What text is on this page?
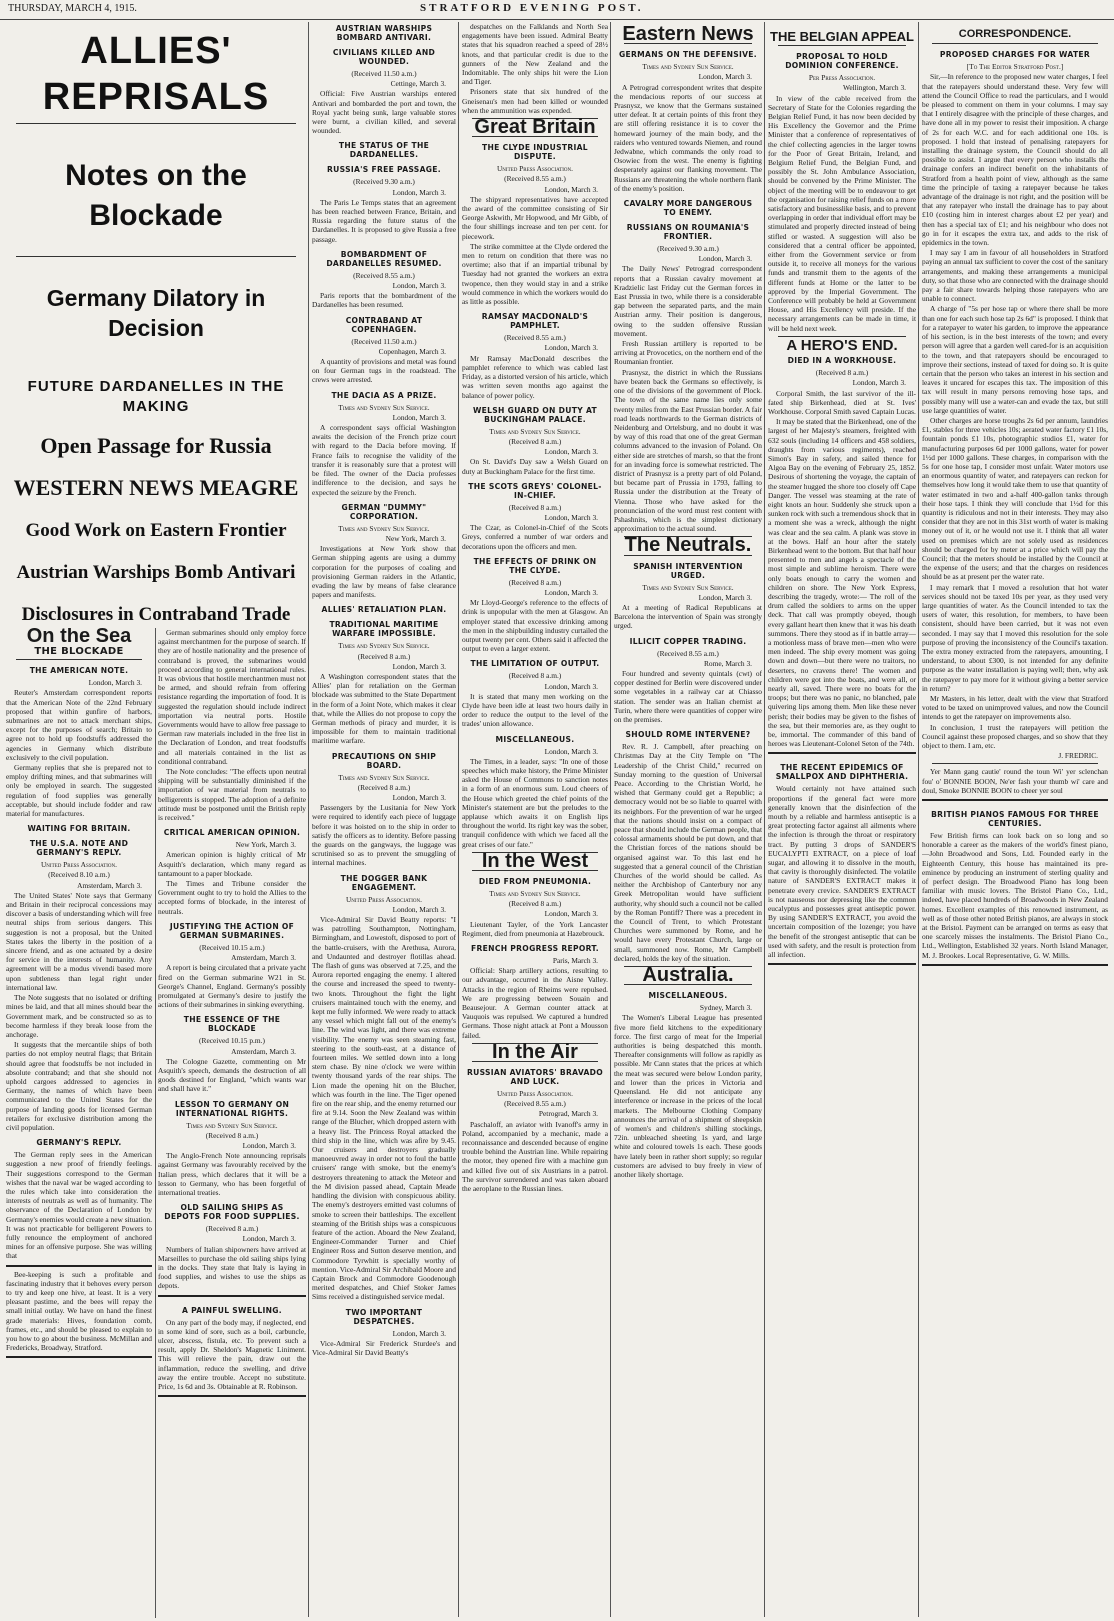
THURSDAY, MARCH 4, 1915.	STRATFORD EVENING POST.
ALLIES' REPRISALS
Notes on the Blockade
Germany Dilatory in Decision
FUTURE DARDANELLES IN THE MAKING
Open Passage for Russia
WESTERN NEWS MEAGRE
Good Work on Eastern Frontier
Austrian Warships Bomb Antivari
Disclosures in Contraband Trade
On the Sea
THE BLOCKADE
THE AMERICAN NOTE.

London, March 3.

Reuter's Amsterdam correspondent reports that the American Note of the 22nd February proposed that within gunfire of harbors, submarines are not to attack merchant ships, except for the purposes of search; Britain to agree not to hold up foodstuffs addressed the agencies in Germany which distribute exclusively to the civil population.

Germany replies that she is prepared not to employ drifting mines, and that submarines will only be employed in search. The suggested regulation of food supplies was generally acceptable, but should include fodder and raw material for manufactures.

WAITING FOR BRITAIN.
THE U.S.A. NOTE AND GERMANY'S REPLY.

United Press Association.

(Received 8.10 a.m.)

Amsterdam, March 3.

The United States' Note says that Germany and Britain in their reciprocal concessions may discover a basis of understanding which will free neutral ships from serious dangers. This suggestion is not a proposal, but the United States takes the liberty in the position of a sincere friend, and as one actuated by a desire for service in the interests of humanity. Any agreement will be a modus vivendi based more upon subtleness than legal right under international law.

The Note suggests that no isolated or drifting mines be laid, and that all mines should bear the Government mark, and be constructed so as to become harmless if they break loose from the anchorage.

It suggests that the mercantile ships of both parties do not employ neutral flags; that Britain should agree that foodstuffs be not included in absolute contraband; and that she should not uphold cargoes addressed to agencies in Germany, the names of which have been communicated to the United States for the purpose of landing goods for licensed German retailers for exclusive distribution among the civil population.

GERMANY'S REPLY.

The German reply sees in the American suggestion a new proof of friendly feelings. Their suggestions correspond to the German wishes that the naval war be waged according to the rules which take into consideration the interests of neutrals as well as of humanity. The observance of the Declaration of London by Germany's enemies would create a new situation. It was not practicable for belligerent Powers to fully renounce the employment of anchored mines for an offensive purpose. She was willing that

Bee-keeping is such a profitable and fascinating industry that it behoves every person to try and keep one hive, at least. It is a very pleasant pastime, and the bees will repay the small initial outlay. We have on hand the finest grade materials: Hives, foundation comb, frames, etc., and should be pleased to explain to you how to go about the business. McMillan and Fredericks, Broadway, Stratford.

German submarines should only employ force against merchantmen for the purpose of search. If they are of hostile nationality and the presence of contraband is proved, the submarines would proceed according to general international rules. It was obvious that hostile merchantmen must not be armed, and should refrain from offering resistance regarding the importation of food. It is suggested the regulation should include indirect importation via neutral ports. Hostile Governments would have to allow free passage to German raw materials included in the free list in the Declaration of London, and treat foodstuffs and all materials contained in the list as conditional contraband.

The Note concludes: "The effects upon neutral shipping will be substantially diminished if the importation of war material from neutrals to belligerents is stopped. The adoption of a definite attitude must be postponed until the British reply is received."

CRITICAL AMERICAN OPINION.

New York, March 3.

American opinion is highly critical of Mr Asquith's declaration, which many regard as tantamount to a paper blockade.

The Times and Tribune consider the Government ought to try to hold the Allies to the accepted forms of blockade, in the interest of neutrals.

JUSTIFYING THE ACTION OF GERMAN SUBMARINES.

(Received 10.15 a.m.)

Amsterdam, March 3.

A report is being circulated that a private yacht fired on the German submarine W21 in St. George's Channel, England. Germany's possibly promulgated at Germany's desire to justify the actions of their submarines in sinking everything.

THE ESSENCE OF THE BLOCKADE

(Received 10.15 p.m.)

Amsterdam, March 3.

The Cologne Gazette, commenting on Mr Asquith's speech, demands the destruction of all goods destined for England, "which wants war and shall have it."

LESSON TO GERMANY ON INTERNATIONAL RIGHTS.

Times and Sydney Sun Service.

(Received 8 a.m.)

London, March 3.

The Anglo-French Note announcing reprisals against Germany was favourably received by the Italian press, which declares that it will be a lesson to Germany, who has been forgetful of international treaties.

OLD SAILING SHIPS AS DEPOTS FOR FOOD SUPPLIES.

(Received 8 a.m.)

London, March 3.

Numbers of Italian shipowners have arrived at Marseilles to purchase the old sailing ships lying in the docks. They state that Italy is laying in food supplies, and wishes to use the ships as depots.

A PAINFUL SWELLING.

On any part of the body may, if neglected, end in some kind of sore, such as a boil, carbuncle, ulcer, abscess, fistula, etc. To prevent such a result, apply Dr. Sheldon's Magnetic Liniment. This will relieve the pain, draw out the inflammation, reduce the swelling, and drive away the entire trouble. Accept no substitute. Price, 1s 6d and 3s. Obtainable at R. Robinson.

AUSTRIAN WARSHIPS BOMBARD ANTIVARI.
CIVILIANS KILLED AND WOUNDED.

(Received 11.50 a.m.)

Cettinge, March 3.

Official: Five Austrian warships entered Antivari and bombarded the port and town, the Royal yacht being sunk, large valuable stores were burnt, a civilian killed, and several wounded.

THE STATUS OF THE DARDANELLES.
RUSSIA'S FREE PASSAGE.

(Received 9.30 a.m.)

London, March 3.

The Paris Le Temps states that an agreement has been reached between France, Britain, and Russia regarding the future status of the Dardanelles. It is proposed to give Russia a free passage.

BOMBARDMENT OF DARDANELLES RESUMED.

(Received 8.55 a.m.)

London, March 3.

Paris reports that the bombardment of the Dardanelles has been resumed.

CONTRABAND AT COPENHAGEN.

(Received 11.50 a.m.)

Copenhagen, March 3.

A quantity of provisions and metal was found on four German tugs in the roadstead. The crews were arrested.

THE DACIA AS A PRIZE.

Times and Sydney Sun Service.

London, March 3.

A correspondent says official Washington awaits the decision of the French prize court with regard to the Dacia before moving. If France fails to recognise the validity of the transfer it is reasonably sure that a protest will be filed. The owner of the Dacia professes indifference to the decision, and says he expected the seizure by the French.

GERMAN "DUMMY" CORPORATION.

Times and Sydney Sun Service.

New York, March 3.

Investigations at New York show that German shipping agents are using a dummy corporation for the purposes of coaling and provisioning German raiders in the Atlantic, evading the law by means of false clearance papers and manifests.

ALLIES' RETALIATION PLAN.
TRADITIONAL MARITIME WARFARE IMPOSSIBLE.

Times and Sydney Sun Service.

(Received 8 a.m.)

London, March 3.

A Washington correspondent states that the Allies' plan for retaliation on the German blockade was submitted to the State Department in the form of a Joint Note, which makes it clear that, while the Allies do not propose to copy the German methods of piracy and murder, it is impossible for them to maintain traditional maritime warfare.

PRECAUTIONS ON SHIP BOARD.

Times and Sydney Sun Service.

(Received 8 a.m.)

London, March 3.

Passengers by the Lusitania for New York were required to identify each piece of luggage before it was hoisted on to the ship in order to satisfy the officers as to identity. Before passing the guards on the gangways, the luggage was scrutinised so as to prevent the smuggling of internal machines.

THE DOGGER BANK ENGAGEMENT.

United Press Association.

London, March 3.

Vice-Admiral Sir David Beatty reports: "I was patrolling Southampton, Nottingham, Birmingham, and Lowestoft, disposed to port of the battle-cruisers, with the Arethusa, Aurora, and Undaunted and destroyer flotillas ahead. The flash of guns was observed at 7.25, and the Aurora reported engaging the enemy. I altered the course and increased the speed to twenty-two knots. Throughout the fight the light cruisers maintained touch with the enemy, and kept me fully informed. We were ready to attack any vessel which might fall out of the enemy's line. The wind was light, and there was extreme visibility. The enemy was seen steaming fast, steering to the south-east, at a distance of fourteen miles. We settled down into a long stern chase. By nine o'clock we were within twenty thousand yards of the rear ships. The Lion made the opening hit on the Blucher, which was fourth in the line. The Tiger opened fire on the rear ship, and the enemy returned our fire at 9.14. Soon the New Zealand was within range of the Blucher, which dropped astern with a heavy list. The Princess Royal attacked the third ship in the line, which was afire by 9.45. Our cruisers and destroyers gradually manoeuvred away in order not to foul the battle cruisers' range with smoke, but the enemy's destroyers threatening to attack the Meteor and the M division passed ahead, Captain Meade handling the division with conspicuous ability. The enemy's destroyers emitted vast columns of smoke to screen their battleships. The excellent steaming of the British ships was a conspicuous feature of the action. Aboard the New Zealand, Engineer-Commander Turner and Chief Engineer Ross and Sutton deserve mention, and Commodore Tyrwhitt is specially worthy of mention. Vice-Admiral Sir Archibald Moore and Captain Brock and Commodore Goodenough merited despatches, and Chief Stoker James Sims received a distinguished service medal.

TWO IMPORTANT DESPATCHES.

London, March 3.

Vice-Admiral Sir Frederick Sturdee's and Vice-Admiral Sir David Beatty's

despatches on the Falklands and North Sea engagements have been issued. Admiral Beatty states that his squadron reached a speed of 28½ knots, and that particular credit is due to the gunners of the New Zealand and the Indomitable. The only ships hit were the Lion and Tiger.

Prisoners state that six hundred of the Gneisenau's men had been killed or wounded when the ammunition was expended.

Great Britain
THE CLYDE INDUSTRIAL DISPUTE.

United Press Association.

(Received 8.55 a.m.)

London, March 3.

The shipyard representatives have accepted the award of the committee consisting of Sir George Askwith, Mr Hopwood, and Mr Gibb, of the four shillings increase and ten per cent. for piecework.

The strike committee at the Clyde ordered the men to return on condition that there was no overtime; also that if an impartial tribunal by Tuesday had not granted the workers an extra twopence, then they would stay in and a strike would commence in which the workers would do as little as possible.

RAMSAY MACDONALD'S PAMPHLET.

(Received 8.55 a.m.)

London, March 3.

Mr Ramsay MacDonald describes the pamphlet reference to which was cabled last Friday, as a distorted version of his article, which was written seven months ago against the balance of power policy.

WELSH GUARD ON DUTY AT BUCKINGHAM PALACE.

Times and Sydney Sun Service.

(Received 8 a.m.)

London, March 3.

On St. David's Day saw a Welsh Guard on duty at Buckingham Palace for the first time.

THE SCOTS GREYS' COLONEL-IN-CHIEF.

(Received 8 a.m.)

London, March 3.

The Czar, as Colonel-in-Chief of the Scots Greys, conferred a number of war orders and decorations upon the officers and men.

THE EFFECTS OF DRINK ON THE CLYDE.

(Received 8 a.m.)

London, March 3.

Mr Lloyd-George's reference to the effects of drink is unpopular with the men at Glasgow. An employer stated that excessive drinking among the men in the shipbuilding industry curtailed the output twenty per cent. Others said it affected the output to even a larger extent.

THE LIMITATION OF OUTPUT.

(Received 8 a.m.)

London, March 3.

It is stated that many men working on the Clyde have been idle at least two hours daily in order to reduce the output to the level of the trades' union allowance.

MISCELLANEOUS.

London, March 3.

The Times, in a leader, says: "In one of those speeches which make history, the Prime Minister asked the House of Commons to sanction notes in a form of an enormous sum. Loud cheers of the House which greeted the chief points of the Minister's statement are but the preludes to the applause which awaits it on English lips throughout the world. Its right key was the sober, tranquil confidence with which we faced all the great crises of our fate."

In the West
DIED FROM PNEUMONIA.

Times and Sydney Sun Service.

(Received 8 a.m.)

London, March 3.

Lieutenant Tayler, of the York Lancaster Regiment, died from pneumonia at Hazebrouck.

FRENCH PROGRESS REPORT.

Paris, March 3.

Official: Sharp artillery actions, resulting to our advantage, occurred in the Aisne Valley. Attacks in the region of Rheims were repulsed. We are progressing between Souain and Beausejour. A German counter attack at Vauquois was repulsed. We captured a hundred Germans. Those night attack at Pont a Mousson failed.

In the Air
RUSSIAN AVIATORS' BRAVADO AND LUCK.

United Press Association.

(Received 8.55 a.m.)

Petrograd, March 3.

Paschaloff, an aviator with Ivanoff's army in Poland, accompanied by a mechanic, made a reconnaissance and descended because of engine trouble behind the Austrian line. While repairing the motor, they opened fire with a machine gun and killed five out of six Austrians in a patrol. The survivor surrendered and was taken aboard the aeroplane to the Russian lines.

Eastern News
GERMANS ON THE DEFENSIVE.

Times and Sydney Sun Service.

London, March 3.

A Petrograd correspondent writes that despite the mendacious reports of our success at Prasnysz, we know that the Germans sustained utter defeat. It at certain points of this front they are still offering resistance it is to cover the homeward journey of the main body, and the raiders who ventured towards Niemen, and round Jedwabne, which commands the only road to Osowiec from the west. The enemy is fighting desperately against our flanking movement. The Russians are threatening the whole northern flank of the enemy's position.

CAVALRY MORE DANGEROUS TO ENEMY.
RUSSIANS ON ROUMANIA'S FRONTIER.

(Received 9.30 a.m.)

London, March 3.

The Daily News' Petrograd correspondent reports that a Russian cavalry movement at Kradzielic last Friday cut the German forces in East Prussia in two, while there is a considerable gap between the separated parts, and the main Austrian army. Their position is dangerous, owing to the sudden offensive Russian movement.

Fresh Russian artillery is reported to be arriving at Provocetics, on the northern end of the Roumanian frontier.

Prasnysz, the district in which the Russians have beaten back the Germans so effectively, is one of the divisions of the government of Plock. The town of the same name lies only some twenty miles from the East Prussian border. A fair road leads northwards to the German districts of Neidenburg and Ortelsburg, and no doubt it was by way of this road that one of the great German columns advanced to the invasion of Poland. On either side are stretches of marsh, so that the front for an invading force is somewhat restricted. The district of Prasnysz is a pretty part of old Poland, but became part of Prussia in 1793, falling to Russia under the distribution at the Treaty of Vienna. Those who have asked for the pronunciation of the word must rest content with Pshashnits, which is the simplest dictionary approximation to the actual sound.

The Neutrals.
SPANISH INTERVENTION URGED.

Times and Sydney Sun Service.

London, March 3.

At a meeting of Radical Republicans at Barcelona the intervention of Spain was strongly urged.

ILLICIT COPPER TRADING.

(Received 8.55 a.m.)

Rome, March 3.

Four hundred and seventy quintals (cwt) of copper destined for Berlin were discovered under some vegetables in a railway car at Chiasso station. The sender was an Italian chemist at Turin, where there were quantities of copper wire on the premises.

SHOULD ROME INTERVENE?

Rev. R. J. Campbell, after preaching on Christmas Day at the City Temple on "The Leadership of the Christ Child," recurred on Sunday morning to the question of Universal Peace. According to the Christian World, he wished that Germany could get a Republic; a democracy would not be so liable to quarrel with its neighbors. For the prevention of war he urged that the nations should insist on a compact of peace that should include the German people, that colossal armaments should be put down, and that the Christian forces of the nations should be organised against war. To this last end he suggested that a general council of the Christian Churches of the world should be called. As neither the Archbishop of Canterbury nor any Greek Metropolitan would have sufficient authority, why should such a council not be called by the Roman Pontiff? There was a precedent in the Council of Trent, to which Protestant Churches were summoned by Rome, and he would have every Protestant Church, large or small, summoned now. Rome, Mr Campbell declared, holds the key of the situation.

Australia.
MISCELLANEOUS.

Sydney, March 3.

The Women's Liberal League has presented five more field kitchens to the expeditionary force. The first cargo of meat for the Imperial authorities is being despatched this month. Thereafter consignments will follow as rapidly as possible. Mr Cann states that the prices at which the meat was secured were below London parity, and lower than the prices in Victoria and Queensland. He did not anticipate any interference or increase in the prices of the local markets. The Melbourne Clothing Company announces the arrival of a shipment of sheepskin of women's and children's shilling stockings, 72in. unbleached sheeting 1s yard, and large white and coloured towels 1s each. These goods have lately been in rather short supply; so regular customers are advised to buy freely in view of another likely shortage.

THE BELGIAN APPEAL
PROPOSAL TO HOLD DOMINION CONFERENCE.

Per Press Association.

Wellington, March 3.

In view of the cable received from the Secretary of State for the Colonies regarding the Belgian Relief Fund, it has now been decided by His Excellency the Governor and the Prime Minister that a conference of representatives of the chief collecting agencies in the larger towns for the Poor of Great Britain, Ireland, and Belgium Relief Fund, the Belgian Fund, and possibly the St. John Ambulance Association, should be convened by the Prime Minister. The object of the meeting will be to endeavour to get the organisation for raising relief funds on a more satisfactory and businesslike basis, and to prevent overlapping in order that individual effort may be stimulated and properly directed instead of being stifled or wasted. A suggestion will also be considered that a central officer be appointed, either from the Government service or from outside it, to receive all moneys for the various funds and transmit them to the agents of the different funds at Home or the latter to be approved by the Imperial Government. The Conference will probably be held at Government House, and His Excellency will preside. If the necessary arrangements can be made in time, it will be held next week.

A HERO'S END.
DIED IN A WORKHOUSE.

(Received 8 a.m.)

London, March 3.

Corporal Smith, the last survivor of the ill-fated ship Birkenhead, died at St. Ives' Workhouse. Corporal Smith saved Captain Lucas.

It may be stated that the Birkenhead, one of the largest of her Majesty's steamers, freighted with 632 souls (including 14 officers and 458 soldiers, draughts from various regiments), reached Simon's Bay in safety, and sailed thence for Algoa Bay on the evening of February 25, 1852. Desirous of shortening the voyage, the captain of the steamer hugged the shore too closely off Cape Danger. The vessel was steaming at the rate of eight knots an hour. Suddenly she struck upon a sunken rock with such a tremendous shock that in a moment she was a wreck, although the night was clear and the sea calm. A plank was stove in at the bows. Half an hour after the stately Birkenhead went to the bottom. But that half hour presented to men and angels a spectacle of the most simple and sublime heroism. There were only boats enough to carry the women and children on shore. The New York Express, describing the tragedy, wrote:— The roll of the drum called the soldiers to arms on the upper deck. That call was promptly obeyed, though every gallant heart then knew that it was his death summons. There they stood as if in battle array—a motionless mass of brave men—men who were men indeed. The ship every moment was going down and down—but there were no traitors, no deserters, no cravens there! The women and children were got into the boats, and were all, or nearly all, saved. There were no boats for the troops; but there was no panic, no blanched, pale quivering lips among them. Men like these never perish; their bodies may be given to the fishes of the sea, but their memories are, as they ought to be, immortal. The commander of this band of heroes was Lieutenant-Colonel Seton of the 74th.

THE RECENT EPIDEMICS OF SMALLPOX AND DIPHTHERIA.

Would certainly not have attained such proportions if the general fact were more generally known that the disinfection of the mouth by a reliable and harmless antiseptic is a great protecting factor against all ailments where the infection is through the throat or respiratory tract. By putting 3 drops of SANDER'S EUCALYPTI EXTRACT, on a piece of loaf sugar, and allowing it to dissolve in the mouth, that cavity is thoroughly disinfected. The volatile nature of SANDER'S EXTRACT makes it penetrate every crevice. SANDER'S EXTRACT is not nauseous nor depressing like the common eucalyptus and possesses great antiseptic power. By using SANDER'S EXTRACT, you avoid the uncertain composition of the lozenge; you have the benefit of the strongest antiseptic that can be used with safety, and the result is protection from all infection.

CORRESPONDENCE.
PROPOSED CHARGES FOR WATER

[To The Editor Stratford Post.]

Sir,—In reference to the proposed new water charges, I feel that the ratepayers should understand these. Very few will attend the Council Office to read the particulars, and I would be pleased to comment on them in your columns. I may say that I entirely disagree with the principle of these charges, and have done all in my power to resist their imposition. A charge of 2s for each W.C. and for each additional one 10s. is proposed. I hold that instead of penalising ratepayers for installing the drainage system, the Council should do all possible to assist. I argue that every person who installs the drainage confers an indirect benefit on the inhabitants of Stratford from a health point of view, although as the same time the principle of taxing a ratepayer because he takes advantage of the drainage is not right, and the position will be that any ratepayer who install the drainage has to pay about £10 (costing him in interest charges about £2 per year) and then has a special tax of £1; and his neighbour who does not go in for it escapes the extra tax, and adds to the risk of epidemics in the town.

I may say I am in favour of all householders in Stratford paying an annual tax sufficient to cover the cost of the sanitary arrangements, and making these arrangements a municipal duty, so that those who are connected with the drainage should pay a fair share towards helping those ratepayers who are unable to connect.

A charge of "5s per hose tap or where there shall be more than one for each such hose tap 2s 6d" is proposed. I think that for a ratepayer to water his garden, to improve the appearance of his section, is in the best interests of the town; and every person will agree that a garden well cared-for is an acquisition to the town, and that ratepayers should be encouraged to improve their sections, instead of taxed for doing so. It is quite certain that the person who takes an interest in his section and leaves it uncared for escapes this tax. The imposition of this tax will result in many persons removing hose taps, and possibly many will use a water-can and evade the tax, but still use large quantities of water.

Other charges are horse troughs 2s 6d per annum, laundries £1, stables for three vehicles 10s; aerated water factory £1 10s, fountain ponds £1 10s, photographic studios £1, water for manufacturing purposes 6d per 1000 gallons, water for power 1½d per 1000 gallons. These charges, in comparison with the 5s for one hose tap, I consider most unfair. Water motors use an enormous quantity of water, and ratepayers can reckon for themselves how long it would take them to use that quantity of water estimated in two and a-half 400-gallon tanks through their hose taps. I think they will conclude that 1½d for this quantity is ridiculous and not in their interests. They may also consider that they are not in this 31st worth of water is making money out of it, or he would not use it. I think that all water used on premises which are not solely used as residences should be charged for by meter at a price which will pay the Council; that the meters should be installed by the Council at the expense of the users; and that the charges on residences should be as at present per the water rate.

I may remark that I moved a resolution that hot water services should not be taxed 10s per year, as they used very large quantities of water. As the Council intended to tax the users of water, this resolution, for members, to have been consistent, should have been carried, but it was not even seconded. I may say that I moved this resolution for the sole purpose of proving the inconsistency of the Council's taxation. The extra money extracted from the ratepayers, amounting, I understand, to about £300, is not intended for any definite purpose as the water installation is paying well; then, why ask the ratepayer to pay more for it without giving a better service in return?

Mr Masters, in his letter, dealt with the view that Stratford voted to be taxed on unimproved values, and now the Council intends to get the ratepayer on improvements also.

In conclusion, I trust the ratepayers will petition the Council against these proposed charges, and so show that they object to them. I am, etc.

J. FREDRIC.

Yer Mann gang cautie' round the toun Wi' yer sclenchan fou' o' BONNIE BOON, Ne'er fash your thumb wi' care and doul, Smoke BONNIE BOON to cheer yer soul

BRITISH PIANOS FAMOUS FOR THREE CENTURIES.

Few British firms can look back on so long and so honorable a career as the makers of the world's finest piano, —John Broadwood and Sons, Ltd. Founded early in the Eighteenth Century, this house has maintained its pre-eminence by producing an instrument of sterling quality and of perfect design. The Broadwood Piano has long been familiar with music lovers. The Bristol Piano Co., Ltd., indeed, have placed hundreds of Broadwoods in New Zealand homes. Excellent examples of this renowned instrument, as well as of those other noted British pianos, are always in stock at the Bristol. Payment can be arranged on terms as easy that one scarcely misses the instalments. The Bristol Piano Co., Ltd., Wellington, Established 32 years. North Island Manager, M. J. Brookes. Local Representative, G. W. Mills.
